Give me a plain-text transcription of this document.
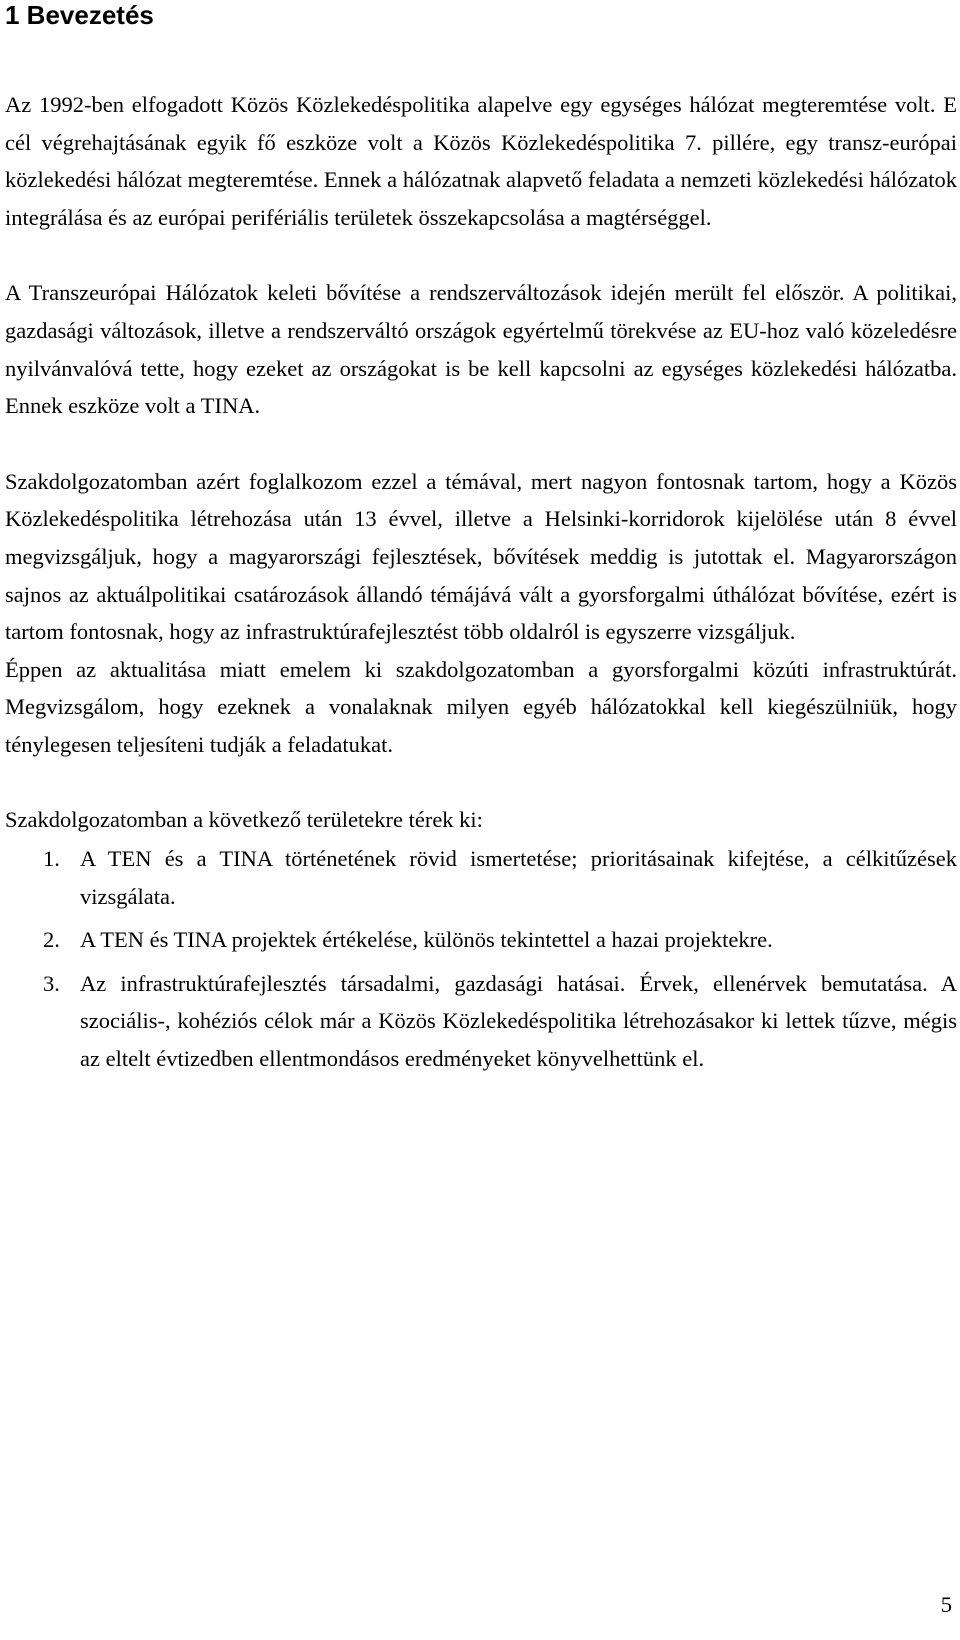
1 Bevezetés

Az 1992-ben elfogadott Közös Közlekedéspolitika alapelve egy egységes hálózat megteremtése volt. E cél végrehajtásának egyik fő eszköze volt a Közös Közlekedéspolitika 7. pillére, egy transz-európai közlekedési hálózat megteremtése. Ennek a hálózatnak alapvető feladata a nemzeti közlekedési hálózatok integrálása és az európai perifériális területek összekapcsolása a magtérséggel.

A Transzeurópai Hálózatok keleti bővítése a rendszerváltozások idején merült fel először. A politikai, gazdasági változások, illetve a rendszerváltó országok egyértelmű törekvése az EU-hoz való közeledésre nyilvánvalóvá tette, hogy ezeket az országokat is be kell kapcsolni az egységes közlekedési hálózatba. Ennek eszköze volt a TINA.

Szakdolgozatomban azért foglalkozom ezzel a témával, mert nagyon fontosnak tartom, hogy a Közös Közlekedéspolitika létrehozása után 13 évvel, illetve a Helsinki-korridorok kijelölése után 8 évvel megvizsgáljuk, hogy a magyarországi fejlesztések, bővítések meddig is jutottak el. Magyarországon sajnos az aktuálpolitikai csatározások állandó témájává vált a gyorsforgalmi úthálózat bővítése, ezért is tartom fontosnak, hogy az infrastruktúrafejlesztést több oldalról is egyszerre vizsgáljuk.

Éppen az aktualitása miatt emelem ki szakdolgozatomban a gyorsforgalmi közúti infrastruktúrát. Megvizsgálom, hogy ezeknek a vonalaknak milyen egyéb hálózatokkal kell kiegészülniük, hogy ténylegesen teljesíteni tudják a feladatukat.

Szakdolgozatomban a következő területekre térek ki:

1. A TEN és a TINA történetének rövid ismertetése; prioritásainak kifejtése, a célkitűzések vizsgálata.
2. A TEN és TINA projektek értékelése, különös tekintettel a hazai projektekre.
3. Az infrastruktúrafejlesztés társadalmi, gazdasági hatásai. Érvek, ellenérvek bemutatása. A szociális-, kohéziós célok már a Közös Közlekedéspolitika létrehozásakor ki lettek tűzve, mégis az eltelt évtizedben ellentmondásos eredményeket könyvelhettünk el.
5
